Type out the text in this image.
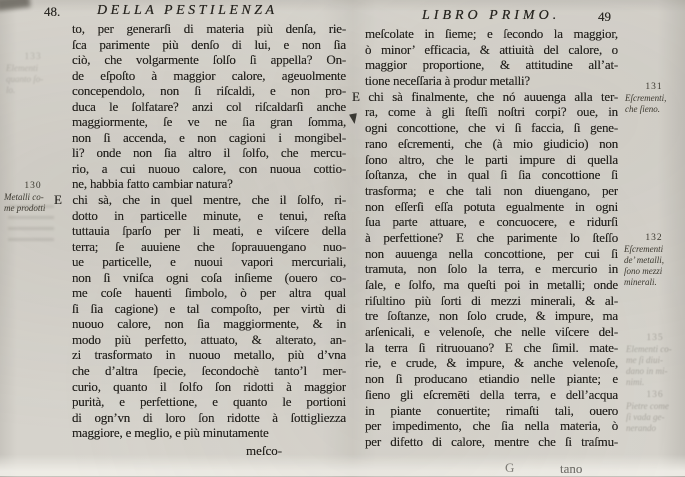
48.	DELLA PESTILENZA
to, per generarſi di materia più denſa, rie-
ſca parimente più denſo di lui, e non ſia
ciò, che volgarmente ſolſo ſi appella? On-
de eſpoſto à maggior calore, ageuolmente
concependolo, non ſi riſcaldi, e non pro-
duca le ſolfatare? anzi col riſcaldarſi anche
maggiormente, ſe ve ne ſia gran ſomma,
non ſi accenda, e non cagioni i mongibel-
li? onde non ſia altro il ſolfo, che mercu-
rio, a cui nuouo calore, con nuoua cottio-
ne, habbia fatto cambiar natura?
E chi sà, che in quel mentre, che il ſolfo, ri-
dotto in particelle minute, e tenui, reſta
tuttauia ſparſo per li meati, e viſcere della
terra; ſe auuiene che ſoprauuengano nuo-
ue particelle, e nuoui vapori mercuriali,
non ſi vniſca ogni coſa inſieme (ouero co-
me coſe hauenti ſimbolo, ò per altra qual
ſi ſia cagione) e tal compoſto, per virtù di
nuouo calore, non ſia maggiormente, & in
modo più perfetto, attuato, & alterato, an-
zi trasformato in nuouo metallo, più d’vna
che d’altra ſpecie, ſecondochè tanto’l mer-
curio, quanto il ſolfo ſon ridotti à maggior
purità, e perfettione, e quanto le portioni
di ogn’vn di loro ſon ridotte à ſottigliezza
maggiore, e meglio, e più minutamente
meſco-
130
Metalli co-
me prodotti
133
Elementi
quanto ſo-
lo.
LIBRO PRIMO.	49
meſcolate in ſieme; e ſecondo la maggior,
ò minor’ efficacia, & attiuità del calore, o
maggior proportione, & attitudine all’at-
tione neceſſaria à produr metalli?
E chi sà finalmente, che nó auuenga alla ter-
ra, come à gli ſteſſi noſtri corpi? oue, in
ogni concottione, che vi ſi faccia, ſi gene-
rano eſcrementi, che (à mio giudicio) non
ſono altro, che le parti impure di quella
ſoſtanza, che in qual ſi ſia concottione ſi
trasforma; e che tali non diuengano, per
non eſſerſi eſſa potuta egualmente in ogni
ſua parte attuare, e concuocere, e ridurſi
à perfettione? E che parimente lo ſteſſo
non auuenga nella concottione, per cui ſi
tramuta, non ſolo la terra, e mercurio in
ſale, e ſolfo, ma queſti poi in metalli; onde
riſultino più ſorti di mezzi minerali, & al-
tre ſoſtanze, non ſolo crude, & impure, ma
arſenicali, e velenoſe, che nelle viſcere del-
la terra ſi ritruouano? E che ſimil. mate-
rie, e crude, & impure, & anche velenoſe,
non ſi producano etiandio nelle piante; e
ſieno gli eſcremēti della terra, e dell’acqua
in piante conuertite; rimaſti tali, ouero
per impedimento, che ſia nella materia, ò
per difetto di calore, mentre che ſi traſmu-
G	tano
131
Eſcrementi,
che ſieno.
132
Eſcrementi
de’ metalli,
ſono mezzi
minerali.
135
Elementi co-
me ſi diui-
dano in mi-
nimi.
136
Pietre come
ſi vada ge-
nerando
